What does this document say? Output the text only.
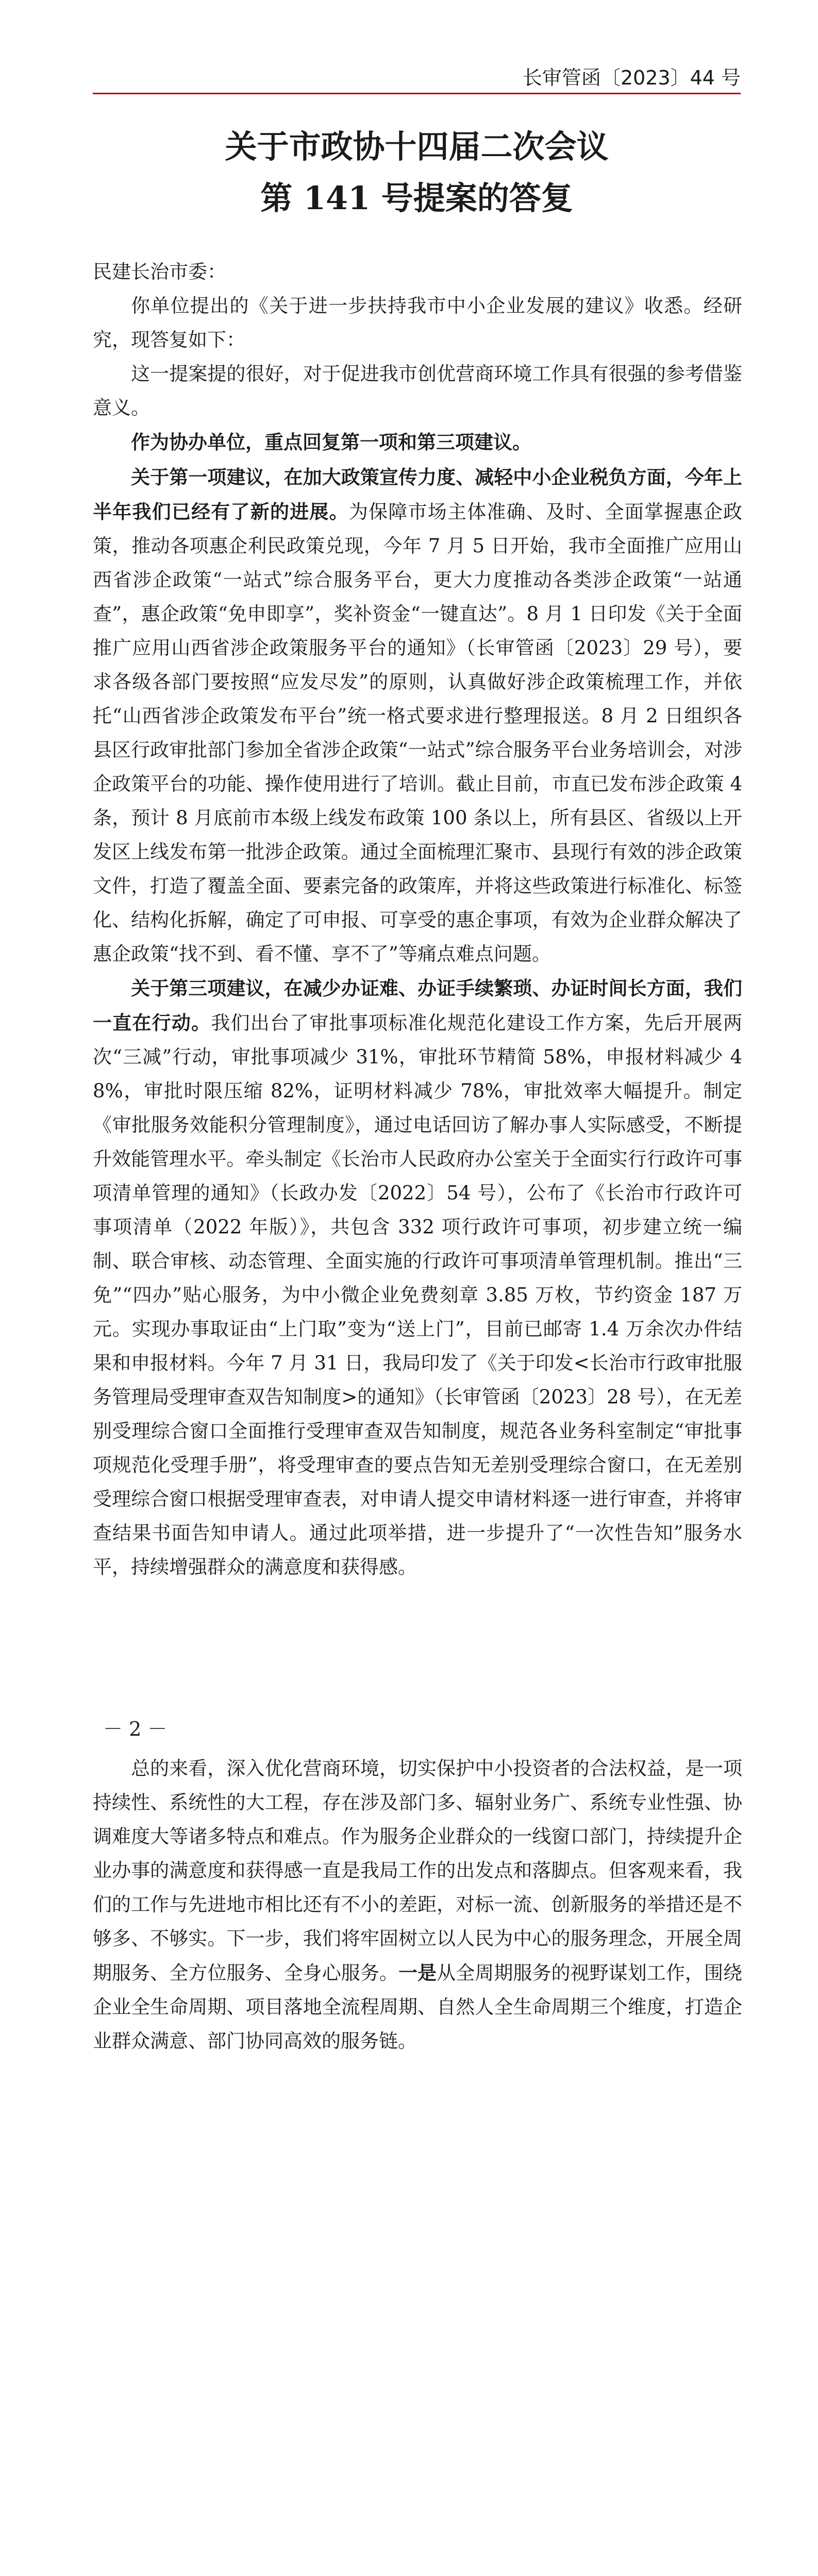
长审管函〔2023〕44 号
关于市政协十四届二次会议
第 141 号提案的答复

民建长治市委：

你单位提出的《关于进一步扶持我市中小企业发展的建议》收悉。经研究，现答复如下：

这一提案提的很好，对于促进我市创优营商环境工作具有很强的参考借鉴意义。

作为协办单位，重点回复第一项和第三项建议。

关于第一项建议，在加大政策宣传力度、减轻中小企业税负方面，今年上半年我们已经有了新的进展。为保障市场主体准确、及时、全面掌握惠企政策，推动各项惠企利民政策兑现，今年 7 月 5 日开始，我市全面推广应用山西省涉企政策“一站式”综合服务平台，更大力度推动各类涉企政策“一站通查”，惠企政策“免申即享”，奖补资金“一键直达”。8 月 1 日印发《关于全面推广应用山西省涉企政策服务平台的通知》（长审管函〔2023〕29 号），要求各级各部门要按照“应发尽发”的原则，认真做好涉企政策梳理工作，并依托“山西省涉企政策发布平台”统一格式要求进行整理报送。8 月 2 日组织各县区行政审批部门参加全省涉企政策“一站式”综合服务平台业务培训会，对涉企政策平台的功能、操作使用进行了培训。截止目前，市直已发布涉企政策 4 条，预计 8 月底前市本级上线发布政策 100 条以上，所有县区、省级以上开发区上线发布第一批涉企政策。通过全面梳理汇聚市、县现行有效的涉企政策文件，打造了覆盖全面、要素完备的政策库，并将这些政策进行标准化、标签化、结构化拆解，确定了可申报、可享受的惠企事项，有效为企业群众解决了惠企政策“找不到、看不懂、享不了”等痛点难点问题。

关于第三项建议，在减少办证难、办证手续繁琐、办证时间长方面，我们一直在行动。我们出台了审批事项标准化规范化建设工作方案，先后开展两次“三减”行动，审批事项减少 31%，审批环节精简 58%，申报材料减少 48%，审批时限压缩 82%，证明材料减少 78%，审批效率大幅提升。制定《审批服务效能积分管理制度》，通过电话回访了解办事人实际感受，不断提升效能管理水平。牵头制定《长治市人民政府办公室关于全面实行行政许可事项清单管理的通知》（长政办发〔2022〕54 号），公布了《长治市行政许可事项清单（2022 年版）》，共包含 332 项行政许可事项，初步建立统一编制、联合审核、动态管理、全面实施的行政许可事项清单管理机制。推出“三免”“四办”贴心服务，为中小微企业免费刻章 3.85 万枚，节约资金 187 万元。实现办事取证由“上门取”变为“送上门”，目前已邮寄 1.4 万余次办件结果和申报材料。今年 7 月 31 日，我局印发了《关于印发<长治市行政审批服务管理局受理审查双告知制度>的通知》（长审管函〔2023〕28 号），在无差别受理综合窗口全面推行受理审查双告知制度，规范各业务科室制定“审批事项规范化受理手册”，将受理审查的要点告知无差别受理综合窗口，在无差别受理综合窗口根据受理审查表，对申请人提交申请材料逐一进行审查，并将审查结果书面告知申请人。通过此项举措，进一步提升了“一次性告知”服务水平，持续增强群众的满意度和获得感。

－ 2 －

总的来看，深入优化营商环境，切实保护中小投资者的合法权益，是一项持续性、系统性的大工程，存在涉及部门多、辐射业务广、系统专业性强、协调难度大等诸多特点和难点。作为服务企业群众的一线窗口部门，持续提升企业办事的满意度和获得感一直是我局工作的出发点和落脚点。但客观来看，我们的工作与先进地市相比还有不小的差距，对标一流、创新服务的举措还是不够多、不够实。下一步，我们将牢固树立以人民为中心的服务理念，开展全周期服务、全方位服务、全身心服务。一是从全周期服务的视野谋划工作，围绕企业全生命周期、项目落地全流程周期、自然人全生命周期三个维度，打造企业群众满意、部门协同高效的服务链。
